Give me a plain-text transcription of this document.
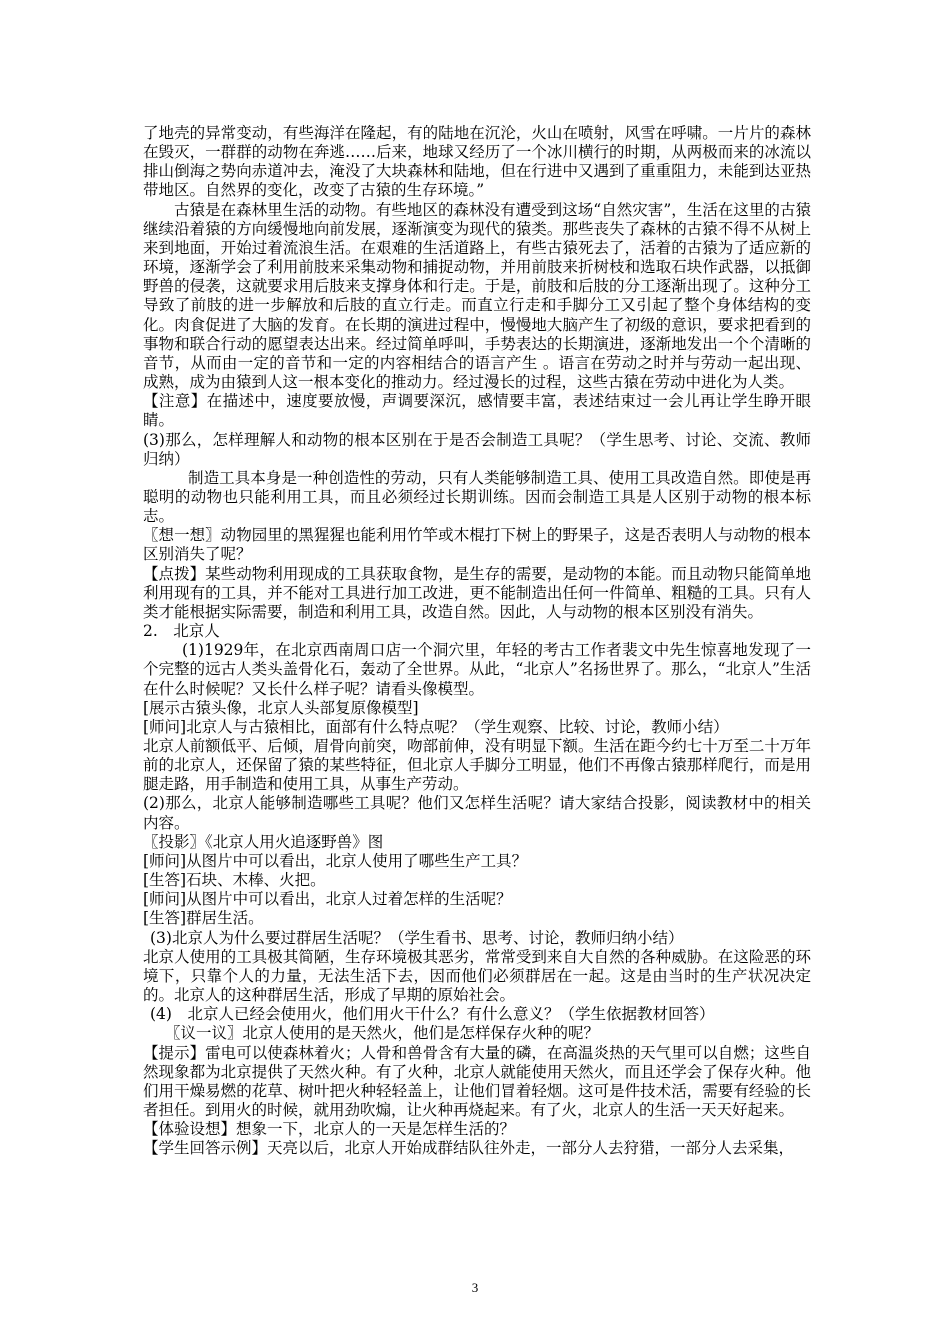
了地壳的异常变动，有些海洋在隆起，有的陆地在沉沦，火山在喷射，风雪在呼啸。一片片的森林在毁灭，一群群的动物在奔逃……后来，地球又经历了一个冰川横行的时期，从两极而来的冰流以排山倒海之势向赤道冲去，淹没了大块森林和陆地，但在行进中又遇到了重重阻力，未能到达亚热带地区。自然界的变化，改变了古猿的生存环境。”

古猿是在森林里生活的动物。有些地区的森林没有遭受到这场“自然灾害”，生活在这里的古猿继续沿着猿的方向缓慢地向前发展，逐渐演变为现代的猿类。那些丧失了森林的古猿不得不从树上来到地面，开始过着流浪生活。在艰难的生活道路上，有些古猿死去了，活着的古猿为了适应新的环境，逐渐学会了利用前肢来采集动物和捕捉动物，并用前肢来折树枝和选取石块作武器，以抵御野兽的侵袭，这就要求用后肢来支撑身体和行走。于是，前肢和后肢的分工逐渐出现了。这种分工导致了前肢的进一步解放和后肢的直立行走。而直立行走和手脚分工又引起了整个身体结构的变化。肉食促进了大脑的发育。在长期的演进过程中，慢慢地大脑产生了初级的意识，要求把看到的事物和联合行动的愿望表达出来。经过简单呼叫，手势表达的长期演进，逐渐地发出一个个清晰的音节，从而由一定的音节和一定的内容相结合的语言产生 。语言在劳动之时并与劳动一起出现、成熟，成为由猿到人这一根本变化的推动力。经过漫长的过程，这些古猿在劳动中进化为人类。

【注意】在描述中，速度要放慢，声调要深沉，感情要丰富，表述结束过一会儿再让学生睁开眼睛。

(3)那么，怎样理解人和动物的根本区别在于是否会制造工具呢？（学生思考、讨论、交流、教师归纳）

制造工具本身是一种创造性的劳动，只有人类能够制造工具、使用工具改造自然。即使是再聪明的动物也只能利用工具，而且必须经过长期训练。因而会制造工具是人区别于动物的根本标志。

〖想一想〗动物园里的黑猩猩也能利用竹竿或木棍打下树上的野果子，这是否表明人与动物的根本区别消失了呢？

【点拨】某些动物利用现成的工具获取食物，是生存的需要，是动物的本能。而且动物只能简单地利用现有的工具，并不能对工具进行加工改进，更不能制造出任何一件简单、粗糙的工具。只有人类才能根据实际需要，制造和利用工具，改造自然。因此，人与动物的根本区别没有消失。

2.　北京人

(1)1929年，在北京西南周口店一个洞穴里，年轻的考古工作者裴文中先生惊喜地发现了一个完整的远古人类头盖骨化石，轰动了全世界。从此，“北京人”名扬世界了。那么，“北京人”生活在什么时候呢？又长什么样子呢？请看头像模型。

[展示古猿头像，北京人头部复原像模型]

[师问]北京人与古猿相比，面部有什么特点呢？（学生观察、比较、讨论，教师小结）

北京人前额低平、后倾，眉骨向前突，吻部前伸，没有明显下额。生活在距今约七十万至二十万年前的北京人，还保留了猿的某些特征，但北京人手脚分工明显，他们不再像古猿那样爬行，而是用腿走路，用手制造和使用工具，从事生产劳动。

(2)那么，北京人能够制造哪些工具呢？他们又怎样生活呢？请大家结合投影，阅读教材中的相关内容。

〖投影〗《北京人用火追逐野兽》图

[师问]从图片中可以看出，北京人使用了哪些生产工具？

[生答]石块、木棒、火把。

[师问]从图片中可以看出，北京人过着怎样的生活呢？

[生答]群居生活。

(3)北京人为什么要过群居生活呢？（学生看书、思考、讨论，教师归纳小结）

北京人使用的工具极其简陋，生存环境极其恶劣，常常受到来自大自然的各种威胁。在这险恶的环境下，只靠个人的力量，无法生活下去，因而他们必须群居在一起。这是由当时的生产状况决定的。北京人的这种群居生活，形成了早期的原始社会。

(4)　北京人已经会使用火，他们用火干什么？有什么意义？（学生依据教材回答）

〖议一议〗北京人使用的是天然火，他们是怎样保存火种的呢？

【提示】雷电可以使森林着火；人骨和兽骨含有大量的磷，在高温炎热的天气里可以自燃；这些自然现象都为北京提供了天然火种。有了火种，北京人就能使用天然火，而且还学会了保存火种。他们用干燥易燃的花草、树叶把火种轻轻盖上，让他们冒着轻烟。这可是件技术活，需要有经验的长者担任。到用火的时候，就用劲吹煽，让火种再烧起来。有了火，北京人的生活一天天好起来。

【体验设想】想象一下，北京人的一天是怎样生活的？

【学生回答示例】天亮以后，北京人开始成群结队往外走，一部分人去狩猎，一部分人去采集，

3
